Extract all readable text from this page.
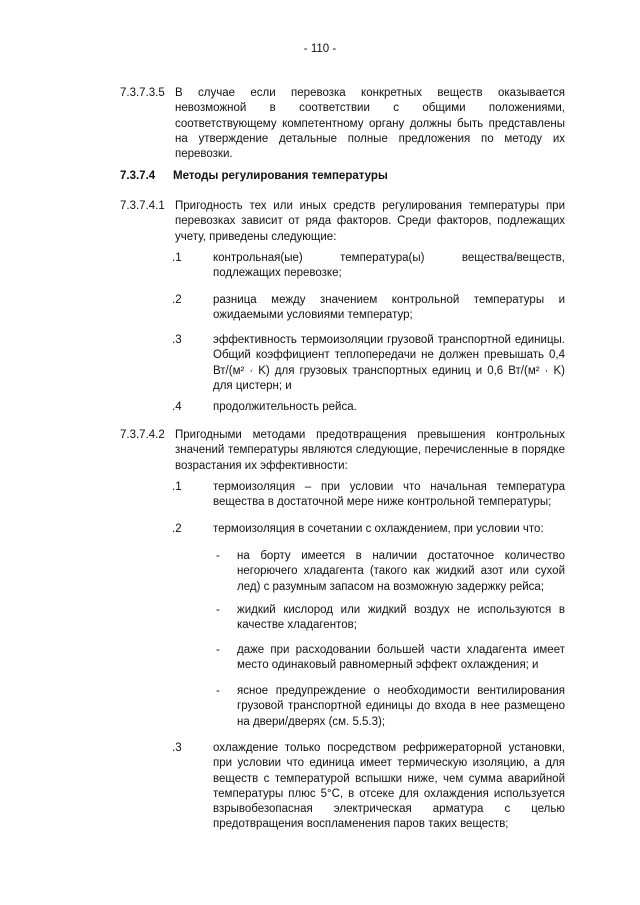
- 110 -
7.3.7.3.5 В случае если перевозка конкретных веществ оказывается невозможной в соответствии с общими положениями, соответствующему компетентному органу должны быть представлены на утверждение детальные полные предложения по методу их перевозки.
7.3.7.4 Методы регулирования температуры
7.3.7.4.1 Пригодность тех или иных средств регулирования температуры при перевозках зависит от ряда факторов. Среди факторов, подлежащих учету, приведены следующие:
.1	контрольная(ые) температура(ы) вещества/веществ, подлежащих перевозке;
.2	разница между значением контрольной температуры и ожидаемыми условиями температур;
.3	эффективность термоизоляции грузовой транспортной единицы. Общий коэффициент теплопередачи не должен превышать 0,4 Вт/(м² · K) для грузовых транспортных единиц и 0,6 Вт/(м² · K) для цистерн; и
.4	продолжительность рейса.
7.3.7.4.2 Пригодными методами предотвращения превышения контрольных значений температуры являются следующие, перечисленные в порядке возрастания их эффективности:
.1	термоизоляция – при условии что начальная температура вещества в достаточной мере ниже контрольной температуры;
.2	термоизоляция в сочетании с охлаждением, при условии что:
- на борту имеется в наличии достаточное количество негорючего хладагента (такого как жидкий азот или сухой лед) с разумным запасом на возможную задержку рейса;
- жидкий кислород или жидкий воздух не используются в качестве хладагентов;
- даже при расходовании большей части хладагента имеет место одинаковый равномерный эффект охлаждения; и
- ясное предупреждение о необходимости вентилирования грузовой транспортной единицы до входа в нее размещено на двери/дверях (см. 5.5.3);
.3	охлаждение только посредством рефрижераторной установки, при условии что единица имеет термическую изоляцию, а для веществ с температурой вспышки ниже, чем сумма аварийной температуры плюс 5°С, в отсеке для охлаждения используется взрывобезопасная электрическая арматура с целью предотвращения воспламенения паров таких веществ;
